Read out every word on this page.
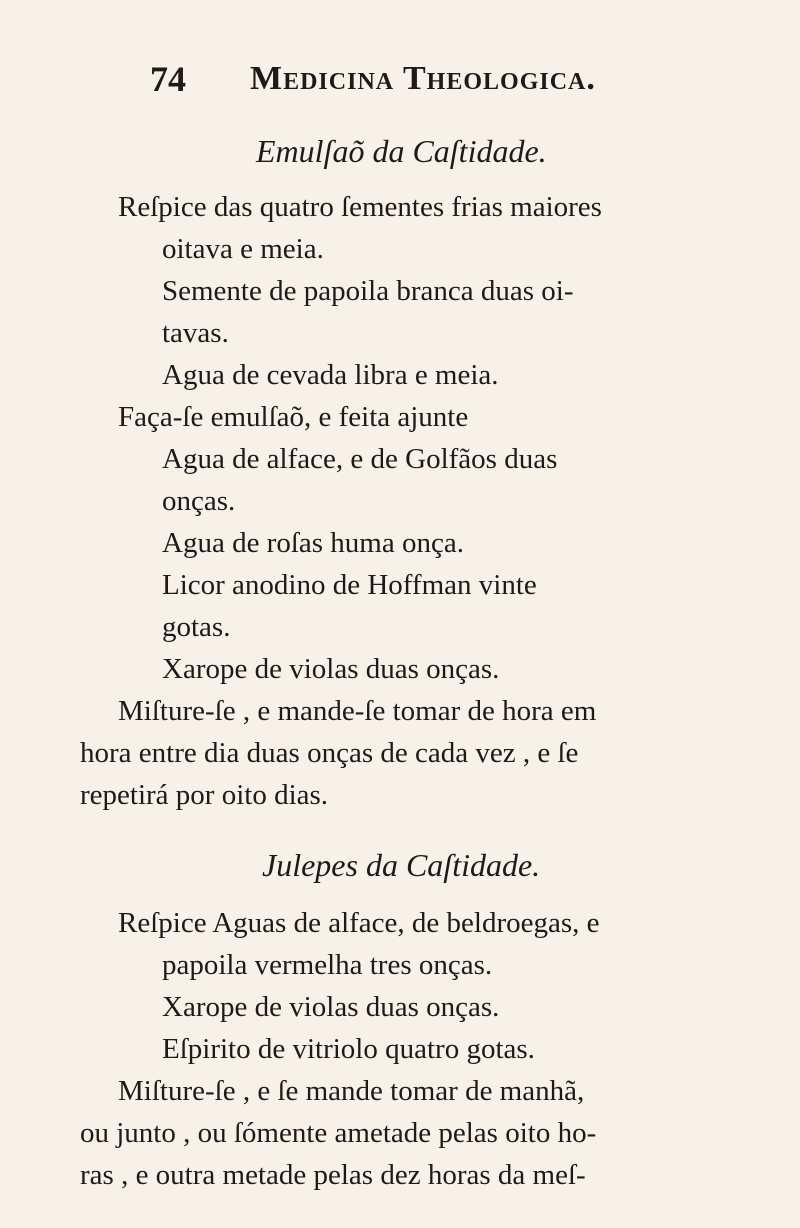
74 Medicina Theologica.
Emulſaõ da Caſtidade.
Reſpice das quatro ſementes frias maiores
oitava e meia.
Semente de papoila branca duas oi-
tavas.
Agua de cevada libra e meia.
Faça-ſe emulſaõ, e feita ajunte
Agua de alface, e de Golfãos duas
onças.
Agua de roſas huma onça.
Licor anodino de Hoffman vinte
gotas.
Xarope de violas duas onças.
Miſture-ſe , e mande-ſe tomar de hora em
hora entre dia duas onças de cada vez , e ſe
repetirá por oito dias.
Julepes da Caſtidade.
Reſpice Aguas de alface, de beldroegas, e
papoila vermelha tres onças.
Xarope de violas duas onças.
Eſpirito de vitriolo quatro gotas.
Miſture-ſe , e ſe mande tomar de manhã,
ou junto , ou ſómente ametade pelas oito ho-
ras , e outra metade pelas dez horas da meſ-
